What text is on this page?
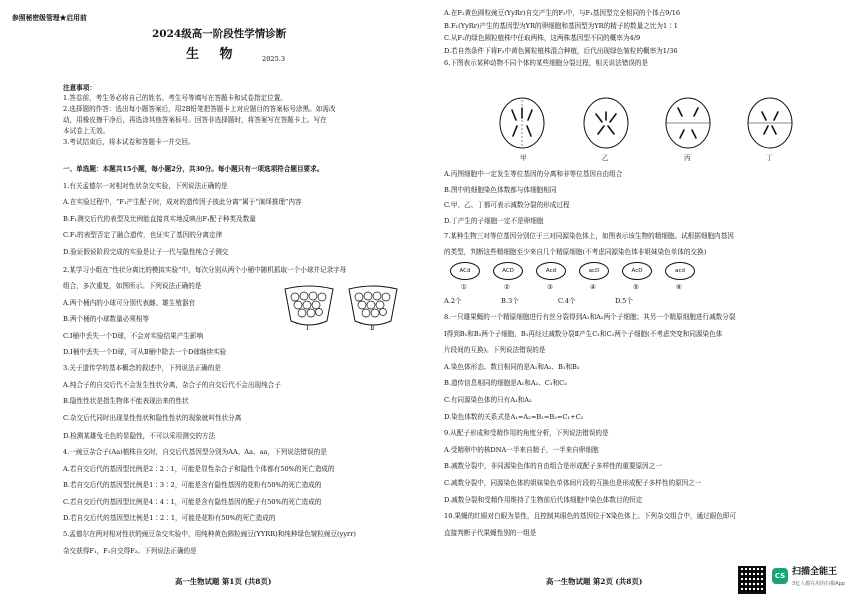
参照秘密级管理★启用前
2024级高一阶段性学情诊断
生 物	2025.3
注意事项：
1.答卷前，考生务必将自己的姓名、考生号等填写在答题卡和试卷指定位置。
2.选择题的作答：选出每小题答案后，用2B铅笔把答题卡上对应题目的答案标号涂黑。如需改
动，用橡皮擦干净后，再选涂其他答案标号。回答非选择题时，将答案写在答题卡上。写在
本试卷上无效。
3.考试结束后，将本试卷和答题卡一并交回。
一、单选题：本题共15小题，每小题2分，共30分。每小题只有一项选项符合题目要求。
1.有关孟德尔一对相对性状杂交实验，下列说法正确的是
A.在实验过程中，“F₁产生配子时，成对的遗传因子彼此分离”属于“演绎推理”内容
B.F₁测交后代的表型及比例能直接真实地反映出F₁配子种类及数量
C.F₁的表型否定了融合遗传，也证实了基因的分离定律
D.验证假说阶段完成的实验是让子一代与隐性纯合子测交
2.某学习小组在“性状分离比的模拟实验”中，每次分别从两个小桶中随机抓取一个小球并记录字母
组合，多次重复，如图所示。下列说法正确的是
A.两个桶内的小球可分别代表雌、雄生殖器官
B.两个桶的小球数量必须相等
C.Ⅰ桶中丢失一个D球，不会对实验结果产生影响
D.Ⅰ桶中丢失一个D球，可从Ⅱ桶中除去一个D球继续实验
3.关于遗传学的基本概念的叙述中，下列说法正确的是
A.纯合子的自交后代不会发生性状分离，杂合子的自交后代不会出现纯合子
B.隐性性状是指生物体不能表现出来的性状
C.杂交后代同时出现显性性状和隐性性状的现象就叫性状分离
D.检测某雄兔毛色的显隐性，不可以采用测交的方法
4.一豌豆杂合子(Aa)植株自交时，自交后代基因型分别为AA、Aa、aa，下列说法错误的是
A.若自交后代的基因型比例是2∶2∶1，可能是显性杂合子和隐性个体都有50%的死亡造成的
B.若自交后代的基因型比例是1∶3∶2，可能是含有隐性基因的花粉有50%的死亡造成的
C.若自交后代的基因型比例是4∶4∶1，可能是含有隐性基因的配子有50%的死亡造成的
D.若自交后代的基因型比例是1∶2∶1，可能是花粉有50%的死亡造成的
5.孟德尔在两对相对性状的豌豆杂交实验中，用纯种黄色圆粒豌豆(YYRR)和纯种绿色皱粒豌豆(yyrr)
杂交获得F₁，F₁自交得F₂。下列说法正确的是
Ⅰ	Ⅱ
高一生物试题 第1页 (共8页)
A.在F₂黄色圆粒豌豆(YyRr)自交产生的F₂中，与F₁基因型完全相同的个体占9/16
B.F₁(YyRr)产生的基因型为YR的卵细胞和基因型为YR的精子的数量之比为1∶1
C.从F₂的绿色圆粒植株中任取两株，这两株基因型不同的概率为4/9
D.若自然条件下将F₂中黄色圆粒植株混合种植，后代出现绿色皱粒的概率为1/36
6.下图表示某种动物不同个体的某些细胞分裂过程，相关说法错误的是
甲	乙	丙	丁
A.丙图细胞中一定发生等位基因的分离和非等位基因自由组合
B.图中的细胞染色体数都与体细胞相同
C.甲、乙、丁都可表示减数分裂的形成过程
D.丁产生的子细胞一定不是卵细胞
7.某种生物三对等位基因分别位于三对同源染色体上，如图表示该生物的精细胞。试根据细胞内基因
的类型，判断这些精细胞至少来自几个精原细胞(不考虑同源染色体非姐妹染色单体的交换)
ACd
①
ACD
②
Acd
③
acD
④
AcD
⑤
acd
⑥
A.2个	B.3个	C.4个	D.5个
8.一只雄果蝇的一个精原细胞进行有丝分裂得到A₁和A₂两个子细胞；其另一个精原细胞进行减数分裂
Ⅰ得到B₁和B₂两个子细胞，B₁再经过减数分裂Ⅱ产生C₁和C₂两个子细胞(不考虑突变和同源染色体
片段间的互换)。下列说法错误的是
A.染色体形态、数目相同的是A₁和A₂、B₁和B₂
B.遗传信息相同的细胞是A₁和A₂、C₁和C₂
C.有同源染色体的只有A₁和A₂
D.染色体数的关系式是A₁=A₂=B₁=B₂=C₁+C₂
9.从配子形成和受精作用的角度分析，下列说法错误的是
A.受精卵中的核DNA一半来自精子，一半来自卵细胞
B.减数分裂中，非同源染色体的自由组合是形成配子多样性的重要原因之一
C.减数分裂中，同源染色体的姐妹染色单体间片段的互换也是形成配子多样性的原因之一
D.减数分裂和受精作用维持了生物前后代体细胞中染色体数目的恒定
10.果蝇的红眼对白眼为显性，且控制其眼色的基因位于X染色体上。下列杂交组合中，通过眼色即可
直接判断子代果蝇性别的一组是
高一生物试题 第2页 (共8页)
CS 扫描全能王
3亿人都在用的扫描App
